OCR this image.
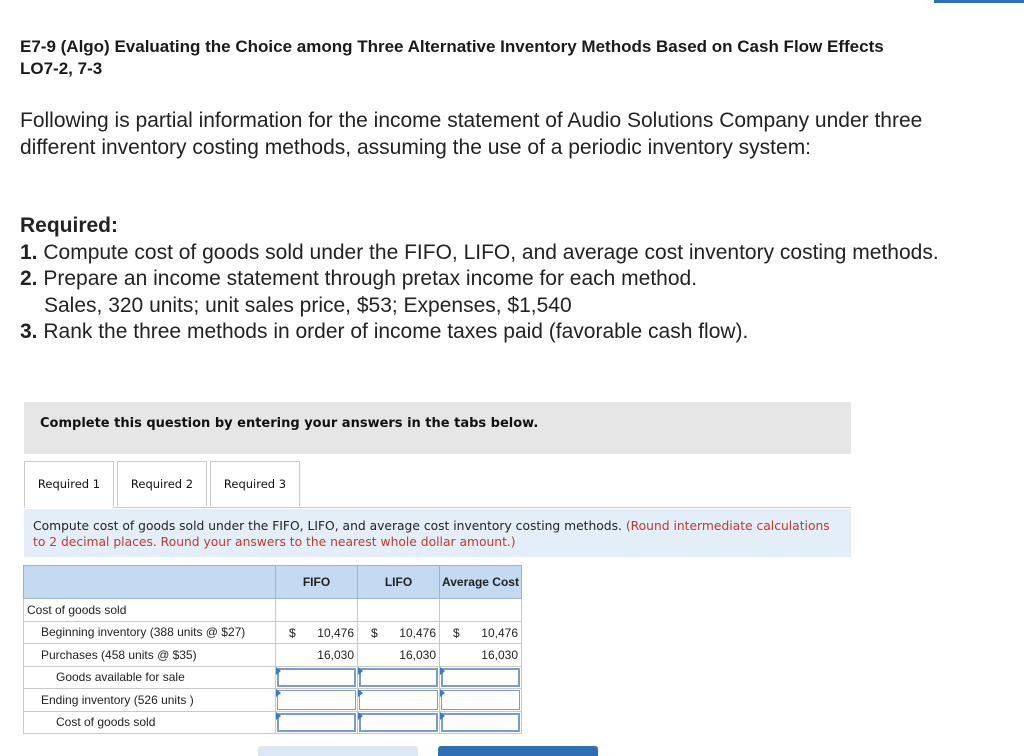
E7-9 (Algo) Evaluating the Choice among Three Alternative Inventory Methods Based on Cash Flow Effects LO7-2, 7-3
Following is partial information for the income statement of Audio Solutions Company under three different inventory costing methods, assuming the use of a periodic inventory system:
Required:
1. Compute cost of goods sold under the FIFO, LIFO, and average cost inventory costing methods.
2. Prepare an income statement through pretax income for each method.
Sales, 320 units; unit sales price, $53; Expenses, $1,540
3. Rank the three methods in order of income taxes paid (favorable cash flow).
Complete this question by entering your answers in the tabs below.
Required 1	Required 2	Required 3
Compute cost of goods sold under the FIFO, LIFO, and average cost inventory costing methods. (Round intermediate calculations to 2 decimal places. Round your answers to the nearest whole dollar amount.)
	FIFO	LIFO	Average Cost
Cost of goods sold			
Beginning inventory (388 units @ $27)	$ 10,476	$ 10,476	$ 10,476

Purchases (458 units @ $35)	16,030	16,030	16,030

Goods available for sale	

Ending inventory (526 units )	

Cost of goods sold	
